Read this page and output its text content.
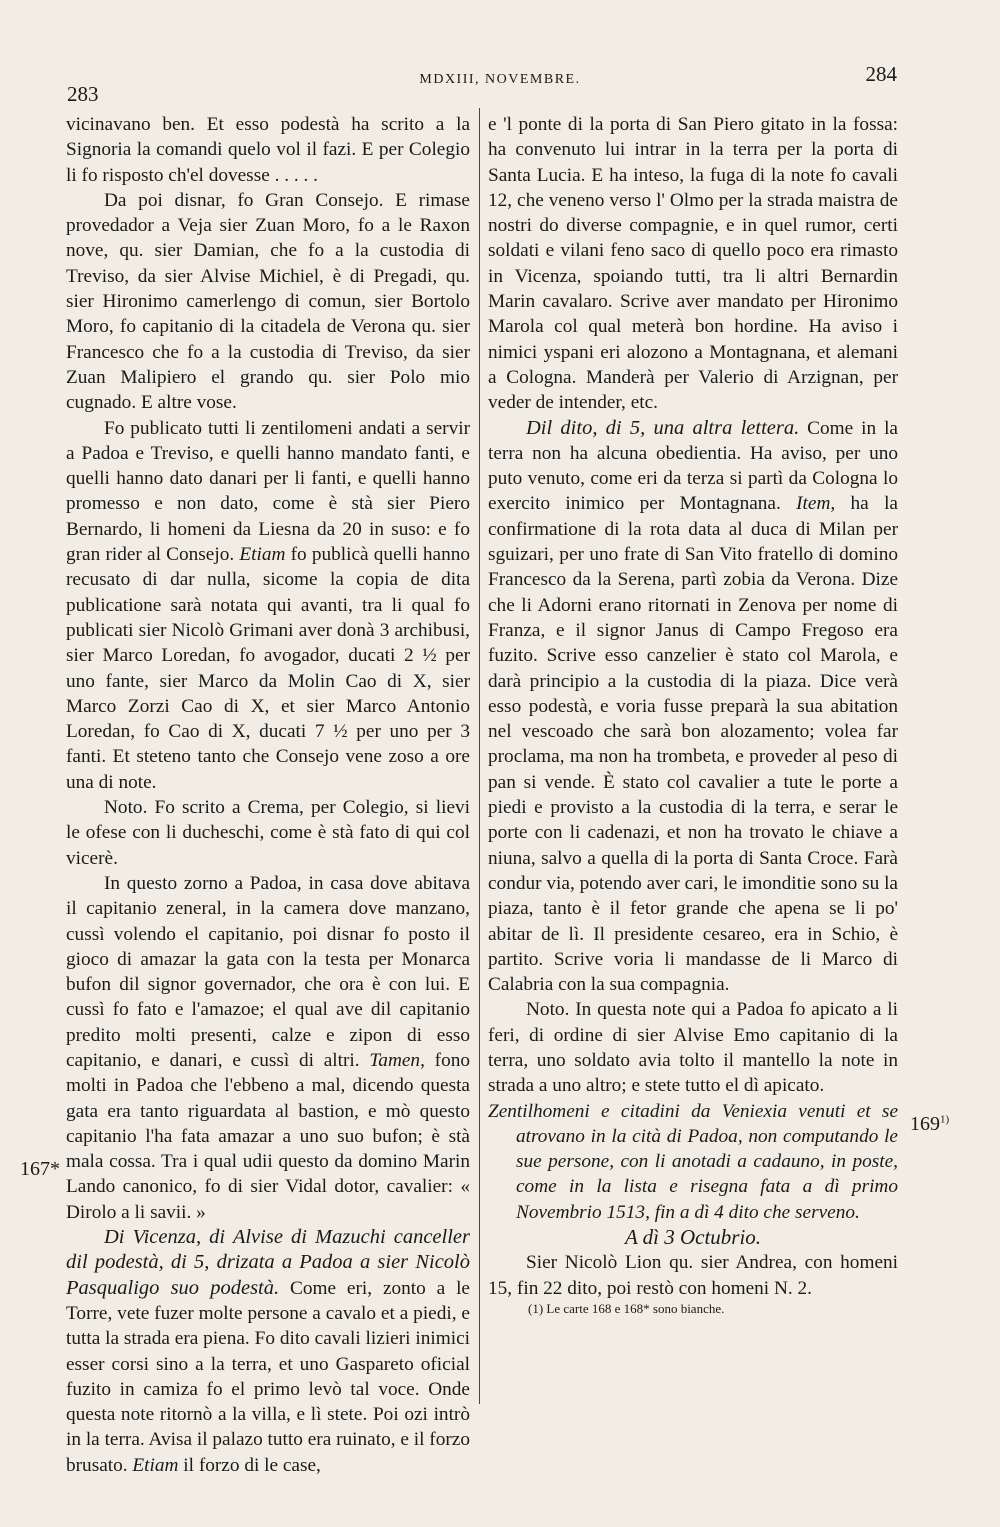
283
MDXIII, NOVEMBRE.	284
167*
169$^{1)}$

vicinavano ben. Et esso podestà ha scrito a la Signoria la comandi quelo vol il fazi. E per Colegio li fo risposto ch'el dovesse . . . . .

Da poi disnar, fo Gran Consejo. E rimase provedador a Veja sier Zuan Moro, fo a le Raxon nove, qu. sier Damian, che fo a la custodia di Treviso, da sier Alvise Michiel, è di Pregadi, qu. sier Hironimo camerlengo di comun, sier Bortolo Moro, fo capitanio di la citadela de Verona qu. sier Francesco che fo a la custodia di Treviso, da sier Zuan Malipiero el grando qu. sier Polo mio cugnado. E altre vose.

Fo publicato tutti li zentilomeni andati a servir a Padoa e Treviso, e quelli hanno mandato fanti, e quelli hanno dato danari per li fanti, e quelli hanno promesso e non dato, come è stà sier Piero Bernardo, li homeni da Liesna da 20 in suso: e fo gran rider al Consejo. Etiam fo publicà quelli hanno recusato di dar nulla, sicome la copia de dita publicatione sarà notata qui avanti, tra li qual fo publicati sier Nicolò Grimani aver donà 3 archibusi, sier Marco Loredan, fo avogador, ducati 2 ½ per uno fante, sier Marco da Molin Cao di X, sier Marco Zorzi Cao di X, et sier Marco Antonio Loredan, fo Cao di X, ducati 7 ½ per uno per 3 fanti. Et steteno tanto che Consejo vene zoso a ore una di note.

Noto. Fo scrito a Crema, per Colegio, si lievi le ofese con li ducheschi, come è stà fato di qui col vicerè.

In questo zorno a Padoa, in casa dove abitava il capitanio zeneral, in la camera dove manzano, cussì volendo el capitanio, poi disnar fo posto il gioco di amazar la gata con la testa per Monarca bufon dil signor governador, che ora è con lui. E cussì fo fato e l'amazoe; el qual ave dil capitanio predito molti presenti, calze e zipon di esso capitanio, e danari, e cussì di altri. Tamen, fono molti in Padoa che l'ebbeno a mal, dicendo questa gata era tanto riguardata al bastion, e mò questo capitanio l'ha fata amazar a uno suo bufon; è stà mala cossa. Tra i qual udii questo da domino Marin Lando canonico, fo di sier Vidal dotor, cavalier: « Dirolo a li savii. »

Di Vicenza, di Alvise di Mazuchi canceller dil podestà, di 5, drizata a Padoa a sier Nicolò Pasqualigo suo podestà. Come eri, zonto a le Torre, vete fuzer molte persone a cavalo et a piedi, e tutta la strada era piena. Fo dito cavali lizieri inimici esser corsi sino a la terra, et uno Gaspareto oficial fuzito in camiza fo el primo levò tal voce. Onde questa note ritornò a la villa, e lì stete. Poi ozi intrò in la terra. Avisa il palazo tutto era ruinato, e il forzo brusato. Etiam il forzo di le case,

e 'l ponte di la porta di San Piero gitato in la fossa: ha convenuto lui intrar in la terra per la porta di Santa Lucia. E ha inteso, la fuga di la note fo cavali 12, che veneno verso l' Olmo per la strada maistra de nostri do diverse compagnie, e in quel rumor, certi soldati e vilani feno saco di quello poco era rimasto in Vicenza, spoiando tutti, tra li altri Bernardin Marin cavalaro. Scrive aver mandato per Hironimo Marola col qual meterà bon hordine. Ha aviso i nimici yspani eri alozono a Montagnana, et alemani a Cologna. Manderà per Valerio di Arzignan, per veder de intender, etc.

Dil dito, di 5, una altra lettera. Come in la terra non ha alcuna obedientia. Ha aviso, per uno puto venuto, come eri da terza si partì da Cologna lo exercito inimico per Montagnana. Item, ha la confirmatione di la rota data al duca di Milan per sguizari, per uno frate di San Vito fratello di domino Francesco da la Serena, partì zobia da Verona. Dize che li Adorni erano ritornati in Zenova per nome di Franza, e il signor Janus di Campo Fregoso era fuzito. Scrive esso canzelier è stato col Marola, e darà principio a la custodia di la piaza. Dice verà esso podestà, e voria fusse preparà la sua abitation nel vescoado che sarà bon alozamento; volea far proclama, ma non ha trombeta, e proveder al peso di pan si vende. È stato col cavalier a tute le porte a piedi e provisto a la custodia di la terra, e serar le porte con li cadenazi, et non ha trovato le chiave a niuna, salvo a quella di la porta di Santa Croce. Farà condur via, potendo aver cari, le imonditie sono su la piaza, tanto è il fetor grande che apena se li po' abitar de lì. Il presidente cesareo, era in Schio, è partito. Scrive voria li mandasse de li Marco di Calabria con la sua compagnia.

Noto. In questa note qui a Padoa fo apicato a li feri, di ordine di sier Alvise Emo capitanio di la terra, uno soldato avia tolto il mantello la note in strada a uno altro; e stete tutto el dì apicato.

Zentilhomeni e citadini da Veniexia venuti et se atrovano in la cità di Padoa, non computando le sue persone, con li anotadi a cadauno, in poste, come in la lista e risegna fata a dì primo Novembrio 1513, fin a dì 4 dito che serveno.

A dì 3 Octubrio.

Sier Nicolò Lion qu. sier Andrea, con homeni 15, fin 22 dito, poi restò con homeni N. 2.

(1) Le carte 168 e 168* sono bianche.
